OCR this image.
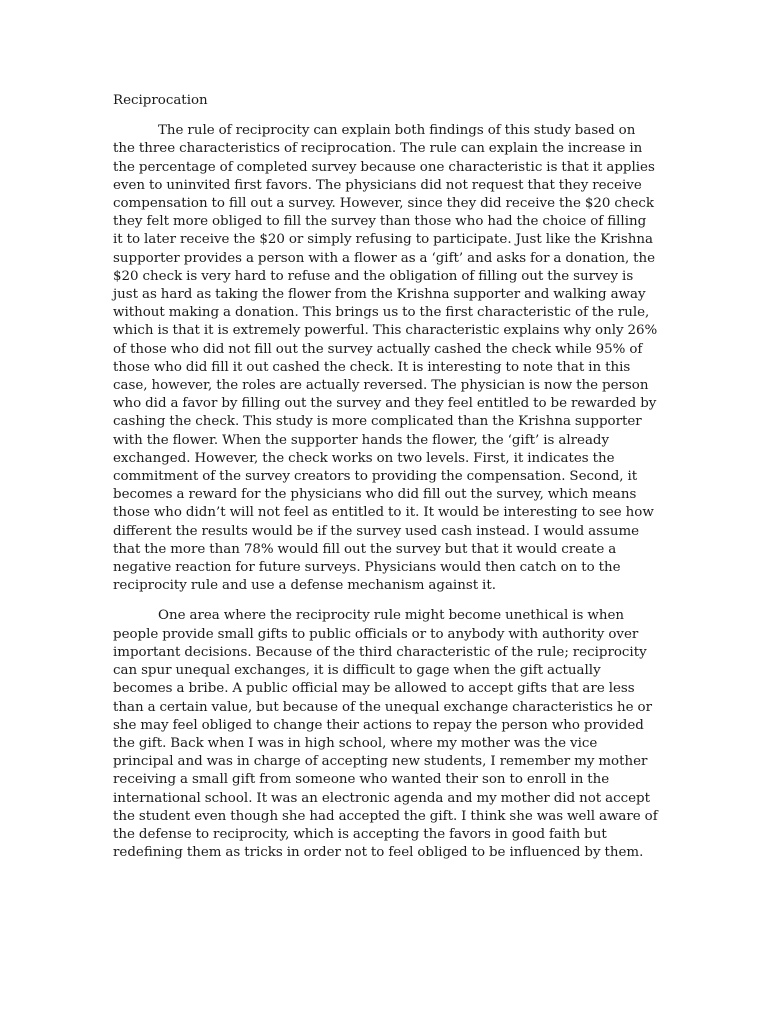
Reciprocation

The rule of reciprocity can explain both findings of this study based on the three characteristics of reciprocation. The rule can explain the increase in the percentage of completed survey because one characteristic is that it applies even to uninvited first favors. The physicians did not request that they receive compensation to fill out a survey. However, since they did receive the $20 check they felt more obliged to fill the survey than those who had the choice of filling it to later receive the $20 or simply refusing to participate. Just like the Krishna supporter provides a person with a flower as a ‘gift’ and asks for a donation, the $20 check is very hard to refuse and the obligation of filling out the survey is just as hard as taking the flower from the Krishna supporter and walking away without making a donation. This brings us to the first characteristic of the rule, which is that it is extremely powerful. This characteristic explains why only 26% of those who did not fill out the survey actually cashed the check while 95% of those who did fill it out cashed the check. It is interesting to note that in this case, however, the roles are actually reversed. The physician is now the person who did a favor by filling out the survey and they feel entitled to be rewarded by cashing the check. This study is more complicated than the Krishna supporter with the flower. When the supporter hands the flower, the ‘gift’ is already exchanged. However, the check works on two levels. First, it indicates the commitment of the survey creators to providing the compensation. Second, it becomes a reward for the physicians who did fill out the survey, which means those who didn’t will not feel as entitled to it. It would be interesting to see how different the results would be if the survey used cash instead. I would assume that the more than 78% would fill out the survey but that it would create a negative reaction for future surveys. Physicians would then catch on to the reciprocity rule and use a defense mechanism against it.

One area where the reciprocity rule might become unethical is when people provide small gifts to public officials or to anybody with authority over important decisions. Because of the third characteristic of the rule; reciprocity can spur unequal exchanges, it is difficult to gage when the gift actually becomes a bribe. A public official may be allowed to accept gifts that are less than a certain value, but because of the unequal exchange characteristics he or she may feel obliged to change their actions to repay the person who provided the gift. Back when I was in high school, where my mother was the vice principal and was in charge of accepting new students, I remember my mother receiving a small gift from someone who wanted their son to enroll in the international school. It was an electronic agenda and my mother did not accept the student even though she had accepted the gift. I think she was well aware of the defense to reciprocity, which is accepting the favors in good faith but redefining them as tricks in order not to feel obliged to be influenced by them.
